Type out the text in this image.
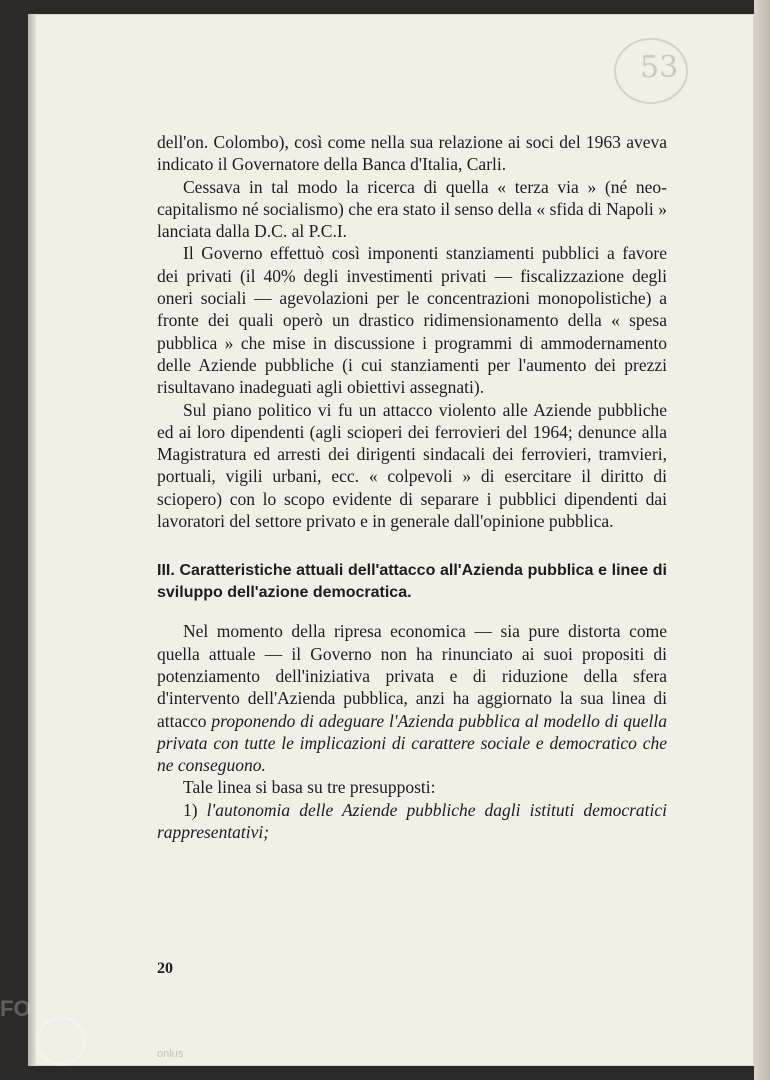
53

dell'on. Colombo), così come nella sua relazione ai soci del 1963 aveva indicato il Governatore della Banca d'Italia, Carli.

Cessava in tal modo la ricerca di quella « terza via » (né neo-capitalismo né socialismo) che era stato il senso della « sfida di Napoli » lanciata dalla D.C. al P.C.I.

Il Governo effettuò così imponenti stanziamenti pubblici a favore dei privati (il 40% degli investimenti privati — fiscalizzazione degli oneri sociali — agevolazioni per le concentrazioni monopolistiche) a fronte dei quali operò un drastico ridimensionamento della « spesa pubblica » che mise in discussione i programmi di ammodernamento delle Aziende pubbliche (i cui stanziamenti per l'aumento dei prezzi risultavano inadeguati agli obiettivi assegnati).

Sul piano politico vi fu un attacco violento alle Aziende pubbliche ed ai loro dipendenti (agli scioperi dei ferrovieri del 1964; denunce alla Magistratura ed arresti dei dirigenti sindacali dei ferrovieri, tramvieri, portuali, vigili urbani, ecc. « colpevoli » di esercitare il diritto di sciopero) con lo scopo evidente di separare i pubblici dipendenti dai lavoratori del settore privato e in generale dall'opinione pubblica.

III. Caratteristiche attuali dell'attacco all'Azienda pubblica e linee di sviluppo dell'azione democratica.

Nel momento della ripresa economica — sia pure distorta come quella attuale — il Governo non ha rinunciato ai suoi propositi di potenziamento dell'iniziativa privata e di riduzione della sfera d'intervento dell'Azienda pubblica, anzi ha aggiornato la sua linea di attacco proponendo di adeguare l'Azienda pubblica al modello di quella privata con tutte le implicazioni di carattere sociale e democratico che ne conseguono.

Tale linea si basa su tre presupposti:

1) l'autonomia delle Aziende pubbliche dagli istituti democratici rappresentativi;

20
FO
onlus
